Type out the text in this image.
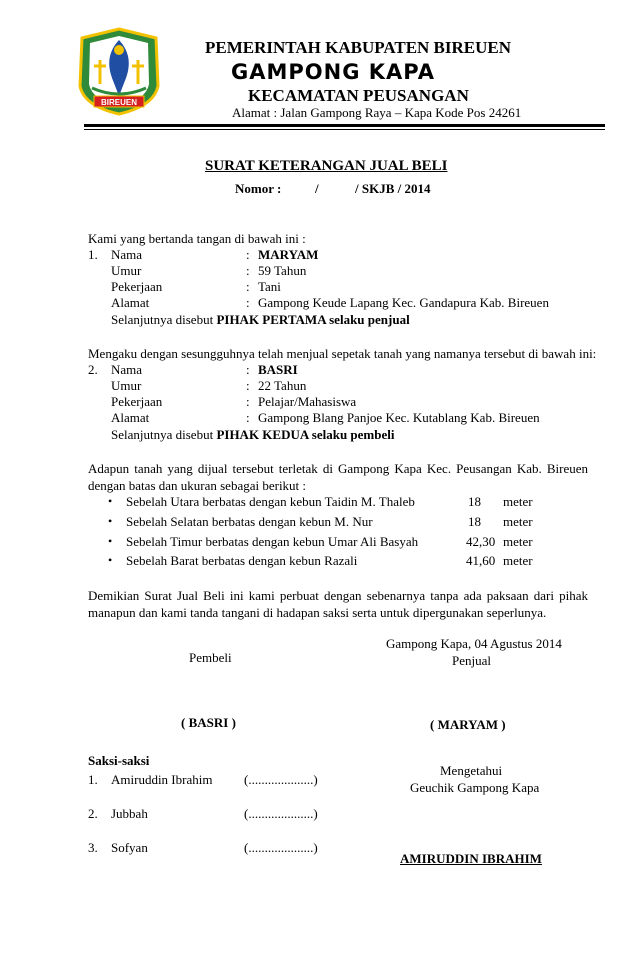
BIREUEN
PEMERINTAH KABUPATEN BIREUEN
GAMPONG KAPA
KECAMATAN PEUSANGAN
Alamat : Jalan Gampong Raya – Kapa Kode Pos 24261
SURAT KETERANGAN JUAL BELI
Nomor :	/	/ SKJB / 2014
Kami yang bertanda tangan di bawah ini :
1. Nama	: MARYAM
Umur	: 59 Tahun
Pekerjaan	: Tani
Alamat	: Gampong Keude Lapang Kec. Gandapura Kab. Bireuen
Selanjutnya disebut PIHAK PERTAMA selaku penjual
Mengaku dengan sesungguhnya telah menjual sepetak tanah yang namanya tersebut di bawah ini:
2. Nama	: BASRI
Umur	: 22 Tahun
Pekerjaan	: Pelajar/Mahasiswa
Alamat	: Gampong Blang Panjoe Kec. Kutablang Kab. Bireuen
Selanjutnya disebut PIHAK KEDUA selaku pembeli
Adapun tanah yang dijual tersebut terletak di Gampong Kapa Kec. Peusangan Kab. Bireuen dengan batas dan ukuran sebagai berikut :
• Sebelah Utara berbatas dengan kebun Taidin M. Thaleb	18 meter
• Sebelah Selatan berbatas dengan kebun M. Nur	18 meter
• Sebelah Timur berbatas dengan kebun Umar Ali Basyah	42,30 meter
• Sebelah Barat berbatas dengan kebun Razali	41,60 meter
Demikian Surat Jual Beli ini kami perbuat dengan sebenarnya tanpa ada paksaan dari pihak manapun dan kami tanda tangani di hadapan saksi serta untuk dipergunakan seperlunya.
Gampong Kapa, 04 Agustus 2014
Pembeli	Penjual
( BASRI )	( MARYAM )
Saksi-saksi
1. Amiruddin Ibrahim (....................)
2. Jubbah	(....................)
3. Sofyan	(....................)
Mengetahui
Geuchik Gampong Kapa
AMIRUDDIN IBRAHIM
